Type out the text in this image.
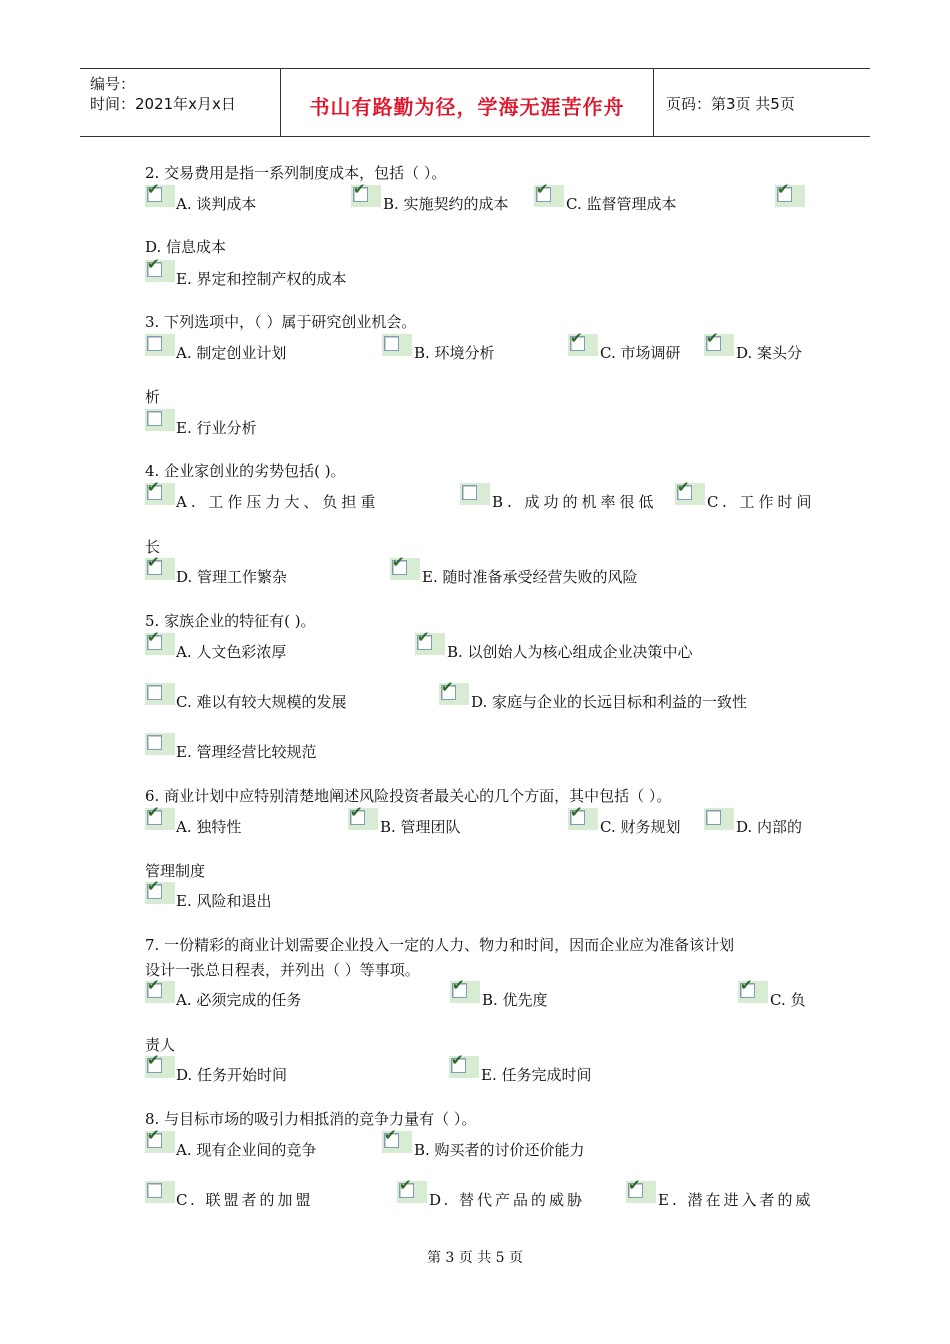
编号：
时间：2021年x月x日	书山有路勤为径，学海无涯苦作舟	页码：第3页 共5页
2. 交易费用是指一系列制度成本，包括（ ）。
✔
A. 谈判成本
✔
B. 实施契约的成本
✔
C. 监督管理成本
✔
D. 信息成本
✔
E. 界定和控制产权的成本
3. 下列选项中，（ ）属于研究创业机会。
A. 制定创业计划	B. 环境分析
✔
C. 市场调研
✔
D. 案头分
析
E. 行业分析
4. 企业家创业的劣势包括( )。
✔
A. 工作压力大、负担重	B. 成功的机率很低
✔
C. 工作时间
长
✔
D. 管理工作繁杂
✔
E. 随时准备承受经营失败的风险
5. 家族企业的特征有( )。
✔
A. 人文色彩浓厚
✔
B. 以创始人为核心组成企业决策中心
C. 难以有较大规模的发展
✔
D. 家庭与企业的长远目标和利益的一致性
E. 管理经营比较规范
6. 商业计划中应特别清楚地阐述风险投资者最关心的几个方面，其中包括（ ）。
✔
A. 独特性
✔
B. 管理团队
✔
C. 财务规划	D. 内部的
管理制度
✔
E. 风险和退出
7. 一份精彩的商业计划需要企业投入一定的人力、物力和时间，因而企业应为准备该计划
设计一张总日程表，并列出（ ）等事项。
✔
A. 必须完成的任务
✔
B. 优先度
✔
C. 负
责人
✔
D. 任务开始时间
✔
E. 任务完成时间
8. 与目标市场的吸引力相抵消的竞争力量有（ ）。
✔
A. 现有企业间的竞争
✔
B. 购买者的讨价还价能力
C. 联盟者的加盟
✔
D. 替代产品的威胁
✔
E. 潜在进入者的威
第 3 页 共 5 页
